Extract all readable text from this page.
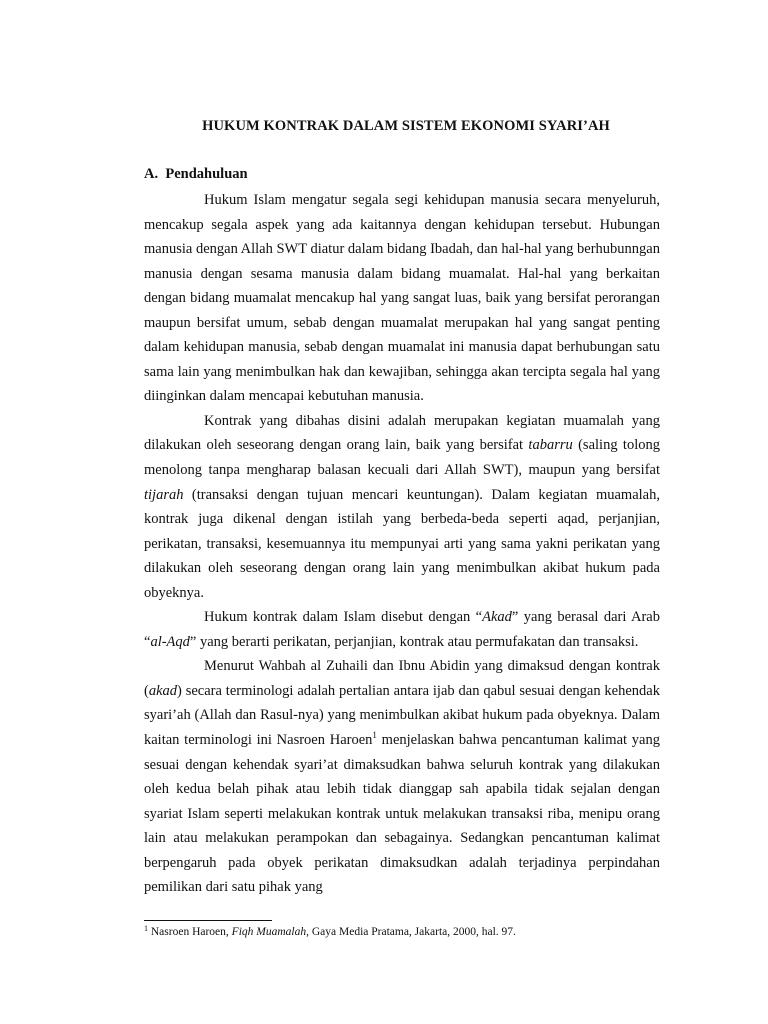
HUKUM KONTRAK DALAM SISTEM EKONOMI SYARI’AH
A. Pendahuluan

Hukum Islam mengatur segala segi kehidupan manusia secara menyeluruh, mencakup segala aspek yang ada kaitannya dengan kehidupan tersebut. Hubungan manusia dengan Allah SWT diatur dalam bidang Ibadah, dan hal-hal yang berhubunngan manusia dengan sesama manusia dalam bidang muamalat. Hal-hal yang berkaitan dengan bidang muamalat mencakup hal yang sangat luas, baik yang bersifat perorangan maupun bersifat umum, sebab dengan muamalat merupakan hal yang sangat penting dalam kehidupan manusia, sebab dengan muamalat ini manusia dapat berhubungan satu sama lain yang menimbulkan hak dan kewajiban, sehingga akan tercipta segala hal yang diinginkan dalam mencapai kebutuhan manusia.

Kontrak yang dibahas disini adalah merupakan kegiatan muamalah yang dilakukan oleh seseorang dengan orang lain, baik yang bersifat tabarru (saling tolong menolong tanpa mengharap balasan kecuali dari Allah SWT), maupun yang bersifat tijarah (transaksi dengan tujuan mencari keuntungan). Dalam kegiatan muamalah, kontrak juga dikenal dengan istilah yang berbeda-beda seperti aqad, perjanjian, perikatan, transaksi, kesemuannya itu mempunyai arti yang sama yakni perikatan yang dilakukan oleh seseorang dengan orang lain yang menimbulkan akibat hukum pada obyeknya.

Hukum kontrak dalam Islam disebut dengan “Akad” yang berasal dari Arab “al-Aqd” yang berarti perikatan, perjanjian, kontrak atau permufakatan dan transaksi.

Menurut Wahbah al Zuhaili dan Ibnu Abidin yang dimaksud dengan kontrak (akad) secara terminologi adalah pertalian antara ijab dan qabul sesuai dengan kehendak syari’ah (Allah dan Rasul-nya) yang menimbulkan akibat hukum pada obyeknya. Dalam kaitan terminologi ini Nasroen Haroen$^1$ menjelaskan bahwa pencantuman kalimat yang sesuai dengan kehendak syari’at dimaksudkan bahwa seluruh kontrak yang dilakukan oleh kedua belah pihak atau lebih tidak dianggap sah apabila tidak sejalan dengan syariat Islam seperti melakukan kontrak untuk melakukan transaksi riba, menipu orang lain atau melakukan perampokan dan sebagainya. Sedangkan pencantuman kalimat berpengaruh pada obyek perikatan dimaksudkan adalah terjadinya perpindahan pemilikan dari satu pihak yang

$^1$ Nasroen Haroen, Fiqh Muamalah, Gaya Media Pratama, Jakarta, 2000, hal. 97.
